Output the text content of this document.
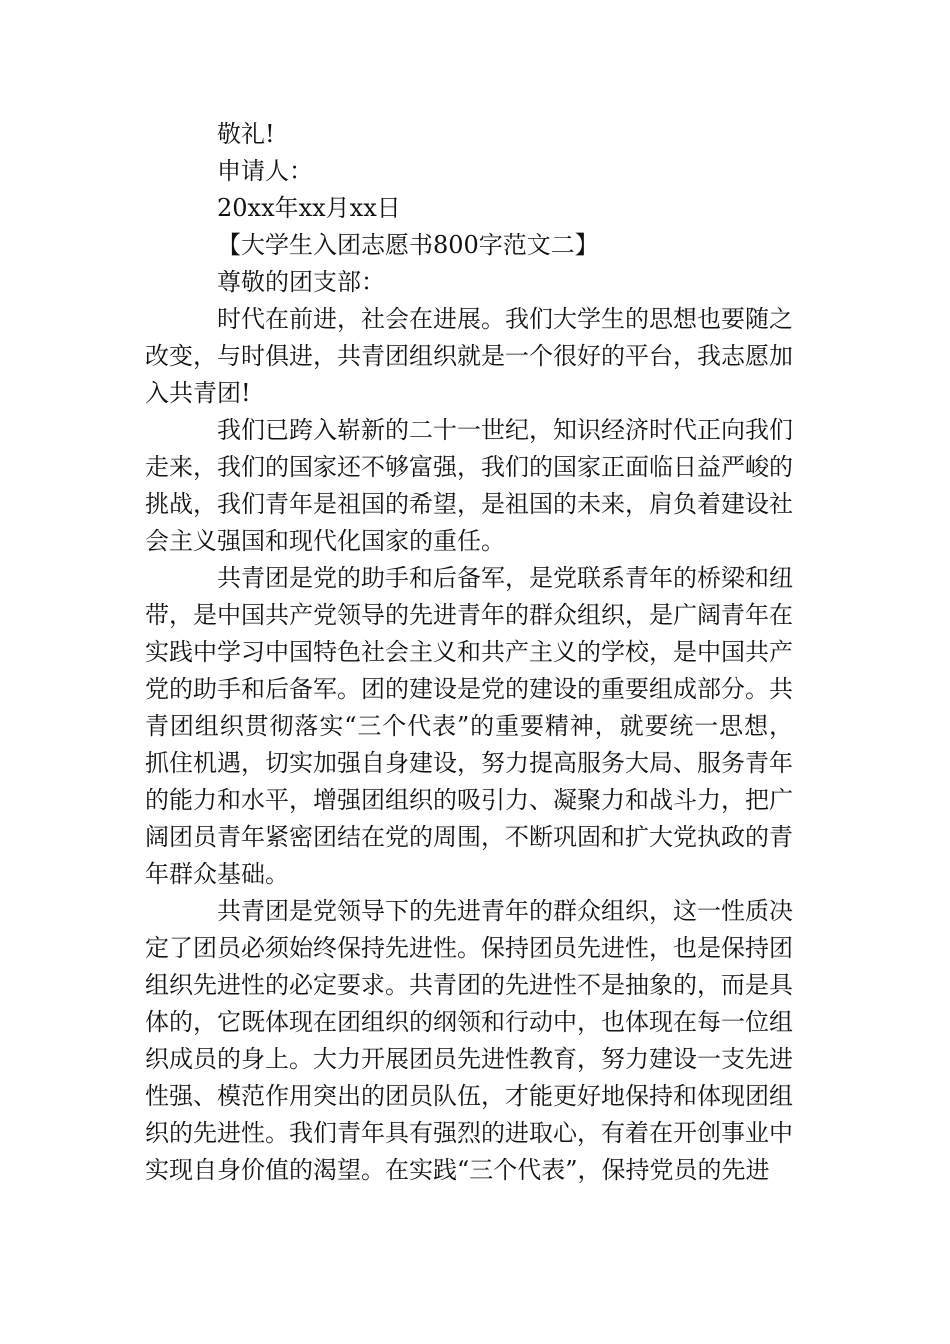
敬礼!

申请人：

20xx年xx月xx日

【大学生入团志愿书800字范文二】

尊敬的团支部：

时代在前进，社会在进展。我们大学生的思想也要随之改变，与时俱进，共青团组织就是一个很好的平台，我志愿加入共青团!

我们已跨入崭新的二十一世纪，知识经济时代正向我们走来，我们的国家还不够富强，我们的国家正面临日益严峻的挑战，我们青年是祖国的希望，是祖国的未来，肩负着建设社会主义强国和现代化国家的重任。

共青团是党的助手和后备军，是党联系青年的桥梁和纽带，是中国共产党领导的先进青年的群众组织，是广阔青年在实践中学习中国特色社会主义和共产主义的学校，是中国共产党的助手和后备军。团的建设是党的建设的重要组成部分。共青团组织贯彻落实“三个代表”的重要精神，就要统一思想，抓住机遇，切实加强自身建设，努力提高服务大局、服务青年的能力和水平，增强团组织的吸引力、凝聚力和战斗力，把广阔团员青年紧密团结在党的周围，不断巩固和扩大党执政的青年群众基础。

共青团是党领导下的先进青年的群众组织，这一性质决定了团员必须始终保持先进性。保持团员先进性，也是保持团组织先进性的必定要求。共青团的先进性不是抽象的，而是具体的，它既体现在团组织的纲领和行动中，也体现在每一位组织成员的身上。大力开展团员先进性教育，努力建设一支先进性强、模范作用突出的团员队伍，才能更好地保持和体现团组织的先进性。我们青年具有强烈的进取心，有着在开创事业中实现自身价值的渴望。在实践“三个代表”，保持党员的先进
